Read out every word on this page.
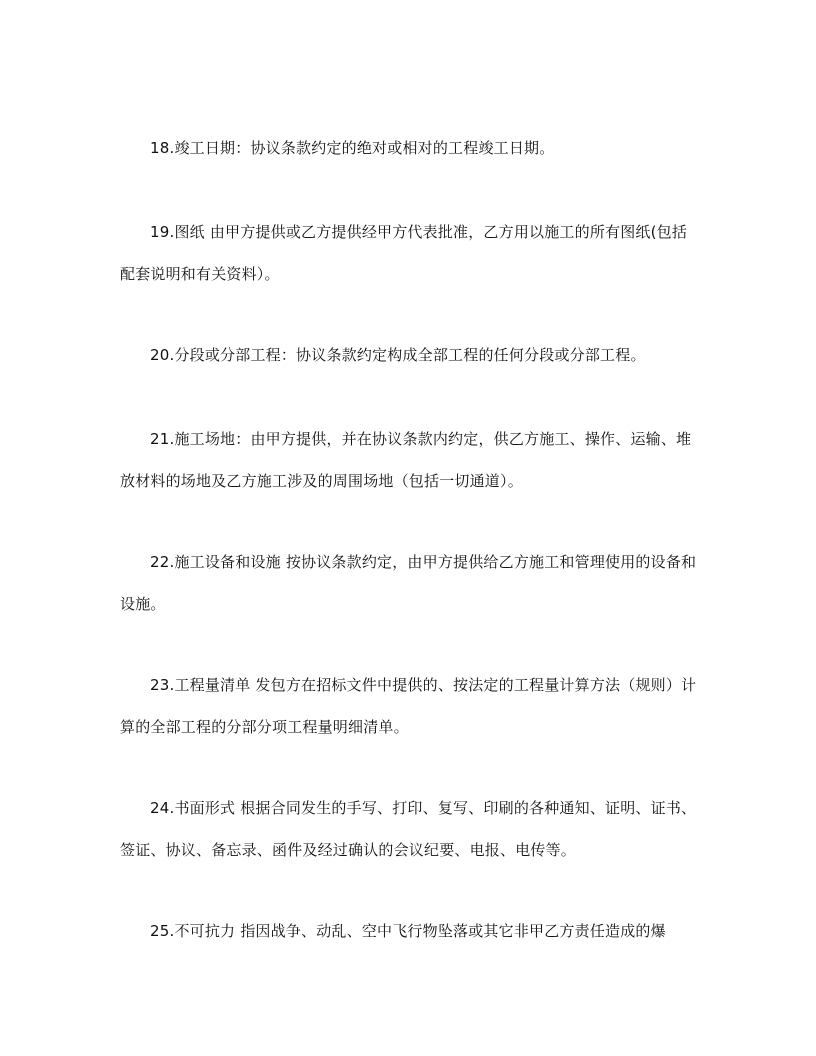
18.竣工日期：协议条款约定的绝对或相对的工程竣工日期。

19.图纸 由甲方提供或乙方提供经甲方代表批准，乙方用以施工的所有图纸(包括配套说明和有关资料）。

20.分段或分部工程：协议条款约定构成全部工程的任何分段或分部工程。

21.施工场地：由甲方提供，并在协议条款内约定，供乙方施工、操作、运输、堆放材料的场地及乙方施工涉及的周围场地（包括一切通道）。

22.施工设备和设施 按协议条款约定，由甲方提供给乙方施工和管理使用的设备和设施。

23.工程量清单 发包方在招标文件中提供的、按法定的工程量计算方法（规则）计算的全部工程的分部分项工程量明细清单。

24.书面形式 根据合同发生的手写、打印、复写、印刷的各种通知、证明、证书、签证、协议、备忘录、函件及经过确认的会议纪要、电报、电传等。

25.不可抗力 指因战争、动乱、空中飞行物坠落或其它非甲乙方责任造成的爆
